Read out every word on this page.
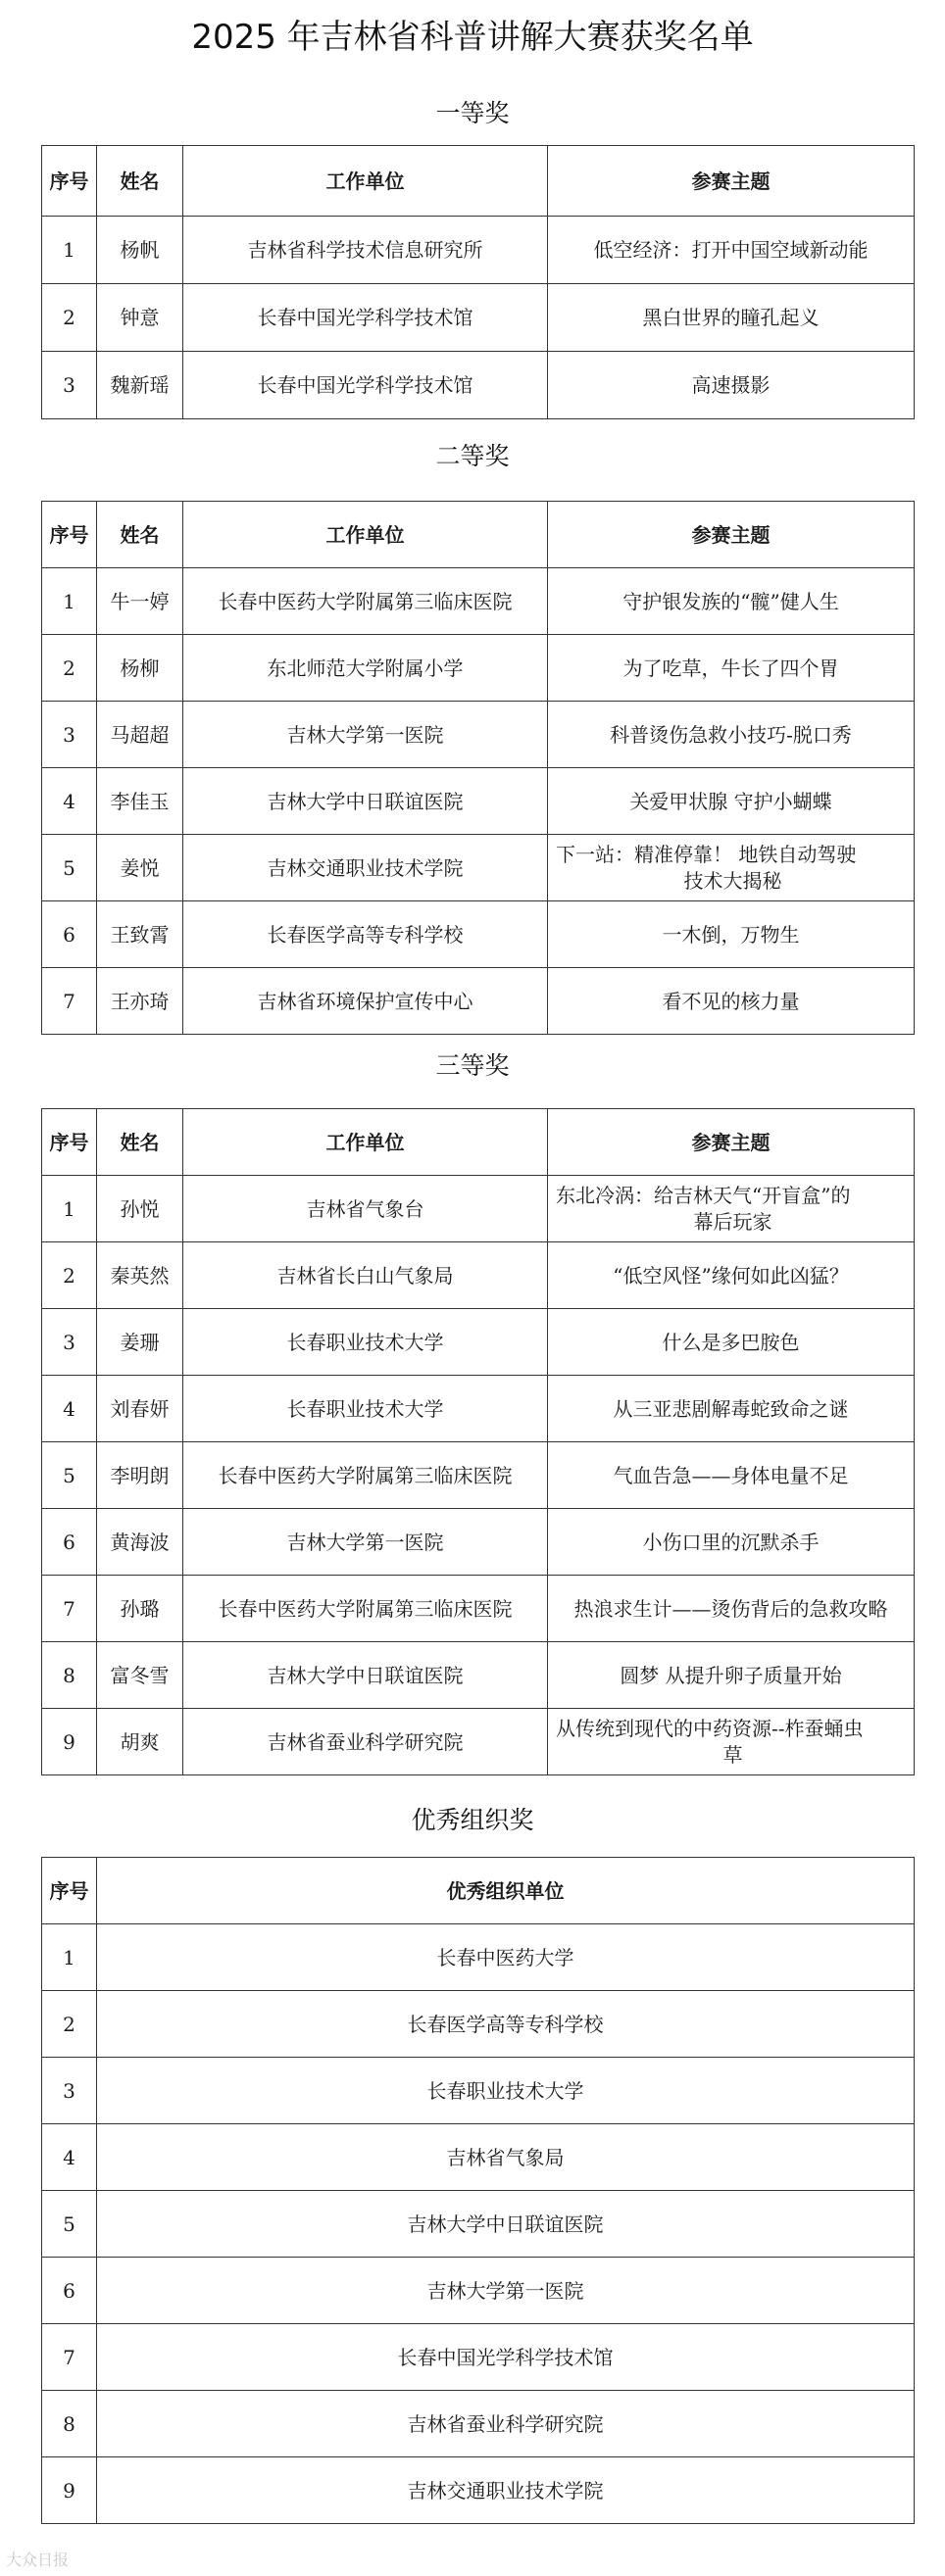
2025 年吉林省科普讲解大赛获奖名单
一等奖
序号	姓名	工作单位	参赛主题
1	杨帆	吉林省科学技术信息研究所	低空经济：打开中国空域新动能
2	钟意	长春中国光学科学技术馆	黑白世界的瞳孔起义
3	魏新瑶	长春中国光学科学技术馆	高速摄影
二等奖
序号	姓名	工作单位	参赛主题
1	牛一婷	长春中医药大学附属第三临床医院	守护银发族的“髋”健人生
2	杨柳	东北师范大学附属小学	为了吃草，牛长了四个胃
3	马超超	吉林大学第一医院	科普烫伤急救小技巧-脱口秀
4	李佳玉	吉林大学中日联谊医院	关爱甲状腺 守护小蝴蝶
5	姜悦	吉林交通职业技术学院	下一站：精准停靠！ 地铁自动驾驶
技术大揭秘

6	王致霄	长春医学高等专科学校	一木倒，万物生
7	王亦琦	吉林省环境保护宣传中心	看不见的核力量
三等奖
序号	姓名	工作单位	参赛主题
1	孙悦	吉林省气象台	东北冷涡：给吉林天气“开盲盒”的
幕后玩家

2	秦英然	吉林省长白山气象局	“低空风怪”缘何如此凶猛？
3	姜珊	长春职业技术大学	什么是多巴胺色
4	刘春妍	长春职业技术大学	从三亚悲剧解毒蛇致命之谜
5	李明朗	长春中医药大学附属第三临床医院	气血告急——身体电量不足
6	黄海波	吉林大学第一医院	小伤口里的沉默杀手
7	孙璐	长春中医药大学附属第三临床医院	热浪求生计——烫伤背后的急救攻略
8	富冬雪	吉林大学中日联谊医院	圆梦 从提升卵子质量开始
9	胡爽	吉林省蚕业科学研究院	从传统到现代的中药资源--柞蚕蛹虫
草
优秀组织奖
序号	优秀组织单位
1	长春中医药大学
2	长春医学高等专科学校
3	长春职业技术大学
4	吉林省气象局
5	吉林大学中日联谊医院
6	吉林大学第一医院
7	长春中国光学科学技术馆
8	吉林省蚕业科学研究院
9	吉林交通职业技术学院
大众日报
